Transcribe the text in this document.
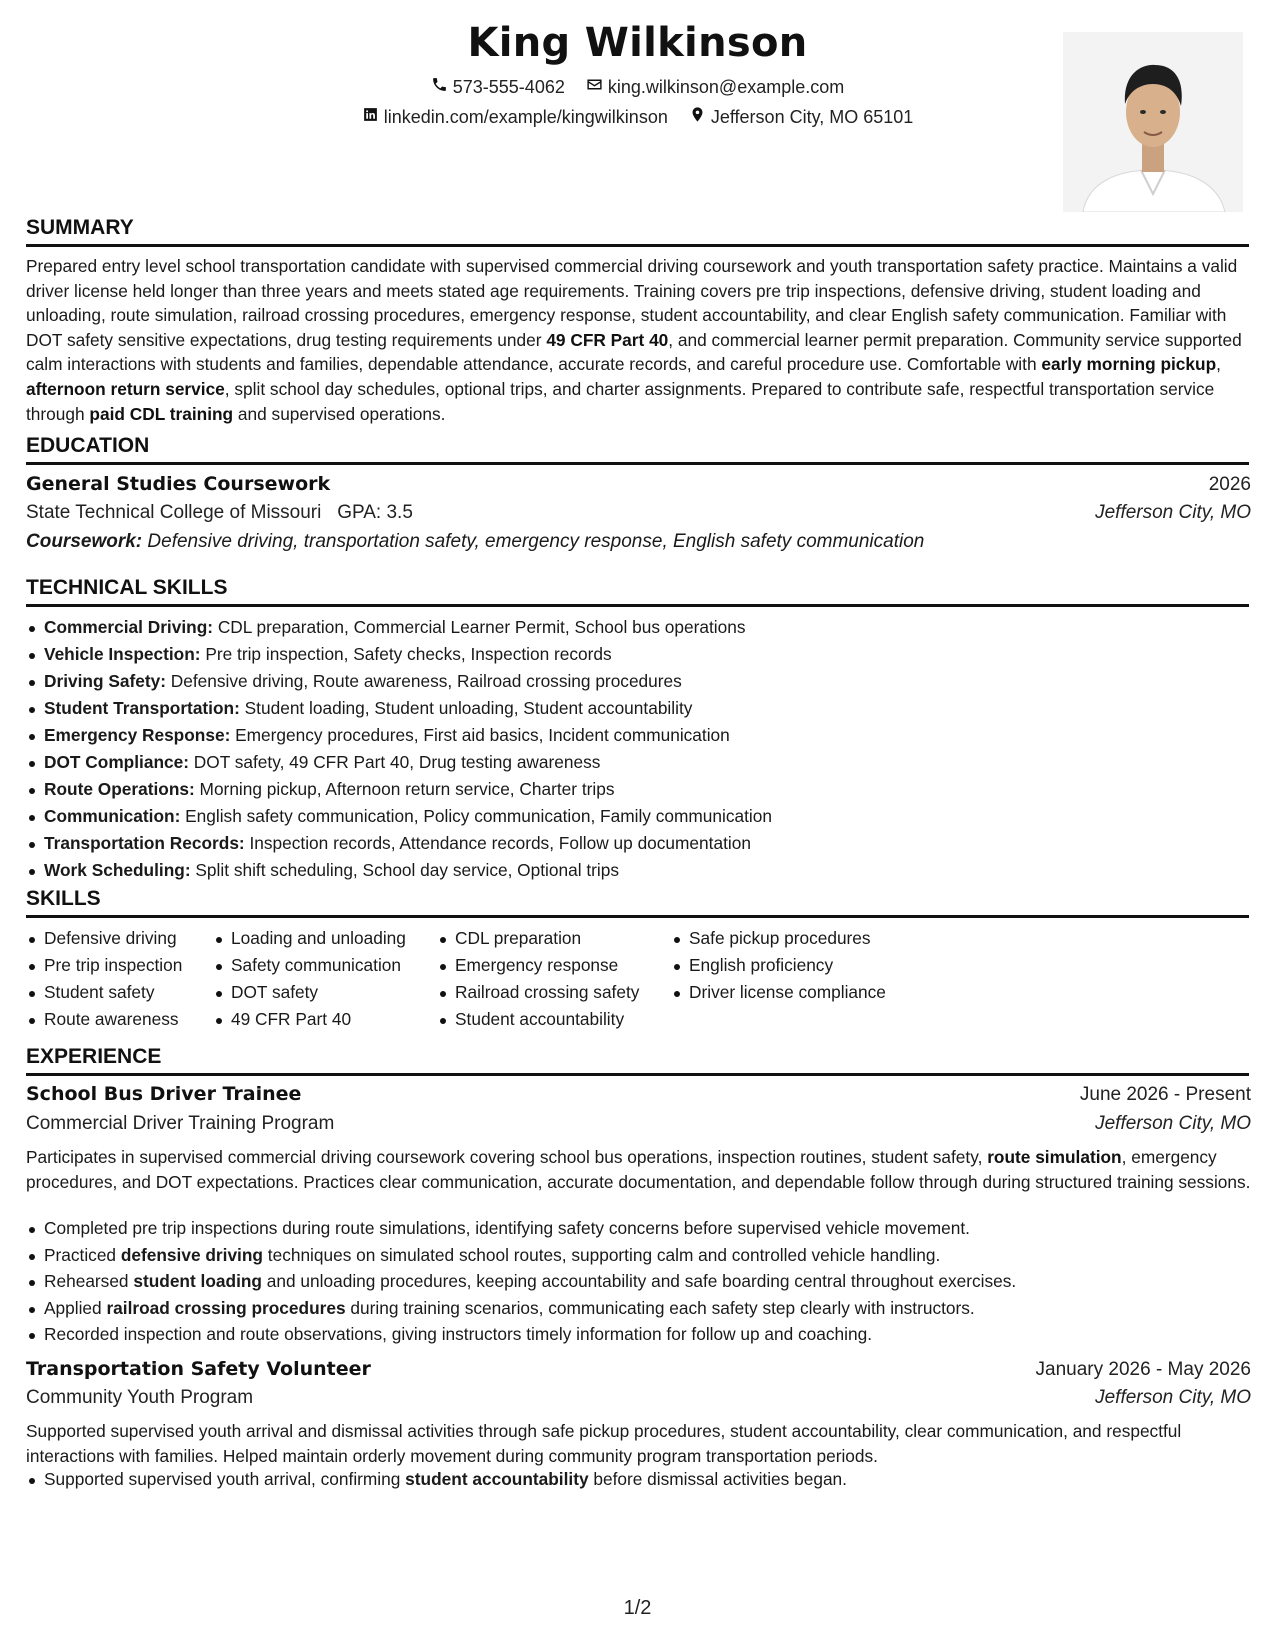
King Wilkinson
573-555-4062
king.wilkinson@example.com
linkedin.com/example/kingwilkinson
Jefferson City, MO 65101
SUMMARY

Prepared entry level school transportation candidate with supervised commercial driving coursework and youth transportation safety practice. Maintains a valid driver license held longer than three years and meets stated age requirements. Training covers pre trip inspections, defensive driving, student loading and unloading, route simulation, railroad crossing procedures, emergency response, student accountability, and clear English safety communication. Familiar with DOT safety sensitive expectations, drug testing requirements under 49 CFR Part 40, and commercial learner permit preparation. Community service supported calm interactions with students and families, dependable attendance, accurate records, and careful procedure use. Comfortable with early morning pickup, afternoon return service, split school day schedules, optional trips, and charter assignments. Prepared to contribute safe, respectful transportation service through paid CDL training and supervised operations.

EDUCATION
General Studies Coursework	2026
State Technical College of Missouri GPA: 3.5	Jefferson City, MO
Coursework: Defensive driving, transportation safety, emergency response, English safety communication
TECHNICAL SKILLS
Commercial Driving: CDL preparation, Commercial Learner Permit, School bus operations
Vehicle Inspection: Pre trip inspection, Safety checks, Inspection records
Driving Safety: Defensive driving, Route awareness, Railroad crossing procedures
Student Transportation: Student loading, Student unloading, Student accountability
Emergency Response: Emergency procedures, First aid basics, Incident communication
DOT Compliance: DOT safety, 49 CFR Part 40, Drug testing awareness
Route Operations: Morning pickup, Afternoon return service, Charter trips
Communication: English safety communication, Policy communication, Family communication
Transportation Records: Inspection records, Attendance records, Follow up documentation
Work Scheduling: Split shift scheduling, School day service, Optional trips
SKILLS
Defensive driving
Pre trip inspection
Student safety
Route awareness
Loading and unloading
Safety communication
DOT safety
49 CFR Part 40
CDL preparation
Emergency response
Railroad crossing safety
Student accountability
Safe pickup procedures
English proficiency
Driver license compliance
EXPERIENCE
School Bus Driver Trainee	June 2026 - Present
Commercial Driver Training Program	Jefferson City, MO

Participates in supervised commercial driving coursework covering school bus operations, inspection routines, student safety, route simulation, emergency procedures, and DOT expectations. Practices clear communication, accurate documentation, and dependable follow through during structured training sessions.

Completed pre trip inspections during route simulations, identifying safety concerns before supervised vehicle movement.
Practiced defensive driving techniques on simulated school routes, supporting calm and controlled vehicle handling.
Rehearsed student loading and unloading procedures, keeping accountability and safe boarding central throughout exercises.
Applied railroad crossing procedures during training scenarios, communicating each safety step clearly with instructors.
Recorded inspection and route observations, giving instructors timely information for follow up and coaching.
Transportation Safety Volunteer	January 2026 - May 2026
Community Youth Program	Jefferson City, MO

Supported supervised youth arrival and dismissal activities through safe pickup procedures, student accountability, clear communication, and respectful interactions with families. Helped maintain orderly movement during community program transportation periods.

Supported supervised youth arrival, confirming student accountability before dismissal activities began.
1/2
